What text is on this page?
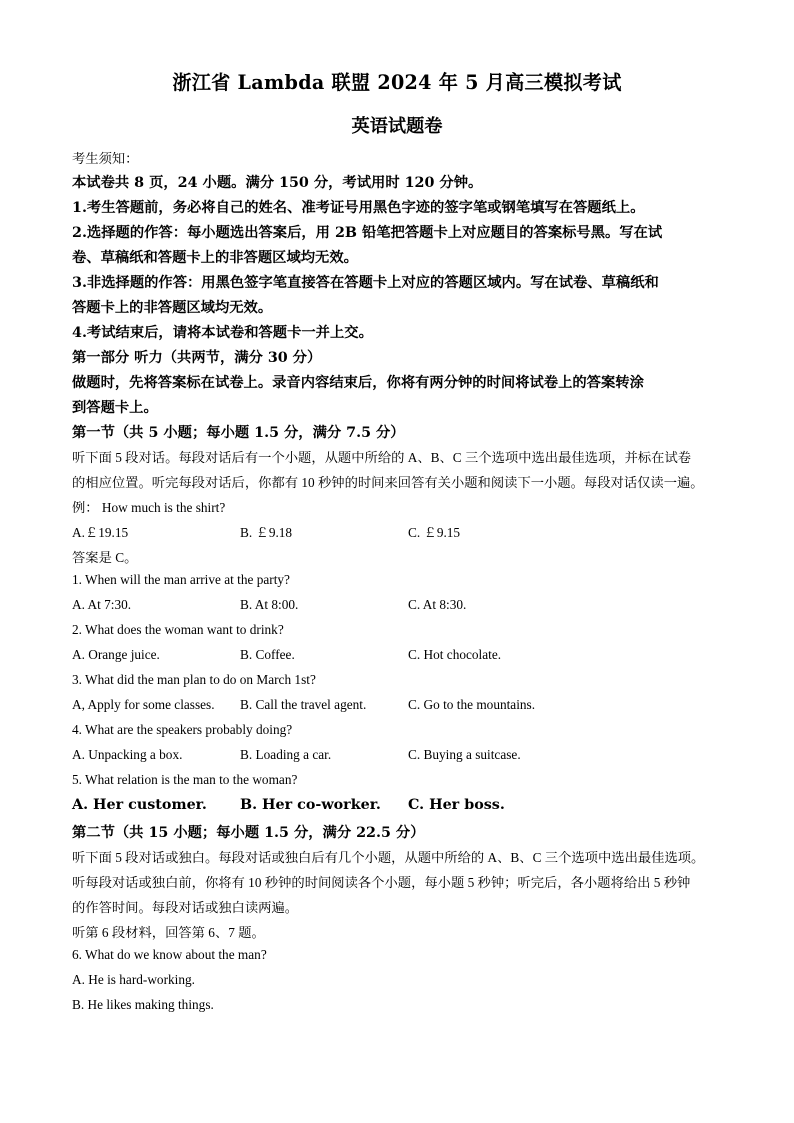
浙江省 Lambda 联盟 2024 年 5 月高三模拟考试
英语试题卷
考生须知：
本试卷共 8 页，24 小题。满分 150 分，考试用时 120 分钟。
1.考生答题前，务必将自己的姓名、准考证号用黑色字迹的签字笔或钢笔填写在答题纸上。
2.选择题的作答：每小题选出答案后，用 2B 铅笔把答题卡上对应题目的答案标号黑。写在试
卷、草稿纸和答题卡上的非答题区域均无效。
3.非选择题的作答：用黑色签字笔直接答在答题卡上对应的答题区域内。写在试卷、草稿纸和
答题卡上的非答题区域均无效。
4.考试结束后，请将本试卷和答题卡一并上交。
第一部分 听力（共两节，满分 30 分）
做题时，先将答案标在试卷上。录音内容结束后，你将有两分钟的时间将试卷上的答案转涂
到答题卡上。
第一节（共 5 小题；每小题 1.5 分，满分 7.5 分）
听下面 5 段对话。每段对话后有一个小题，从题中所给的 A、B、C 三个选项中选出最佳选项，并标在试卷
的相应位置。听完每段对话后，你都有 10 秒钟的时间来回答有关小题和阅读下一小题。每段对话仅读一遍。
例： How much is the shirt?
A.￡19.15	B. ￡9.18	C. ￡9.15
答案是 C。
1. When will the man arrive at the party?
A. At 7:30.	B. At 8:00.	C. At 8:30.
2. What does the woman want to drink?
A. Orange juice.	B. Coffee.	C. Hot chocolate.
3. What did the man plan to do on March 1st?
A, Apply for some classes. B. Call the travel agent.	C. Go to the mountains.
4. What are the speakers probably doing?
A. Unpacking a box.	B. Loading a car.	C. Buying a suitcase.
5. What relation is the man to the woman?
A. Her customer. B. Her co-worker. C. Her boss.
第二节（共 15 小题；每小题 1.5 分，满分 22.5 分）
听下面 5 段对话或独白。每段对话或独白后有几个小题，从题中所给的 A、B、C 三个选项中选出最佳选项。
听每段对话或独白前，你将有 10 秒钟的时间阅读各个小题，每小题 5 秒钟；听完后，各小题将给出 5 秒钟
的作答时间。每段对话或独白读两遍。
听第 6 段材料，回答第 6、7 题。
6. What do we know about the man?
A. He is hard-working.
B. He likes making things.
